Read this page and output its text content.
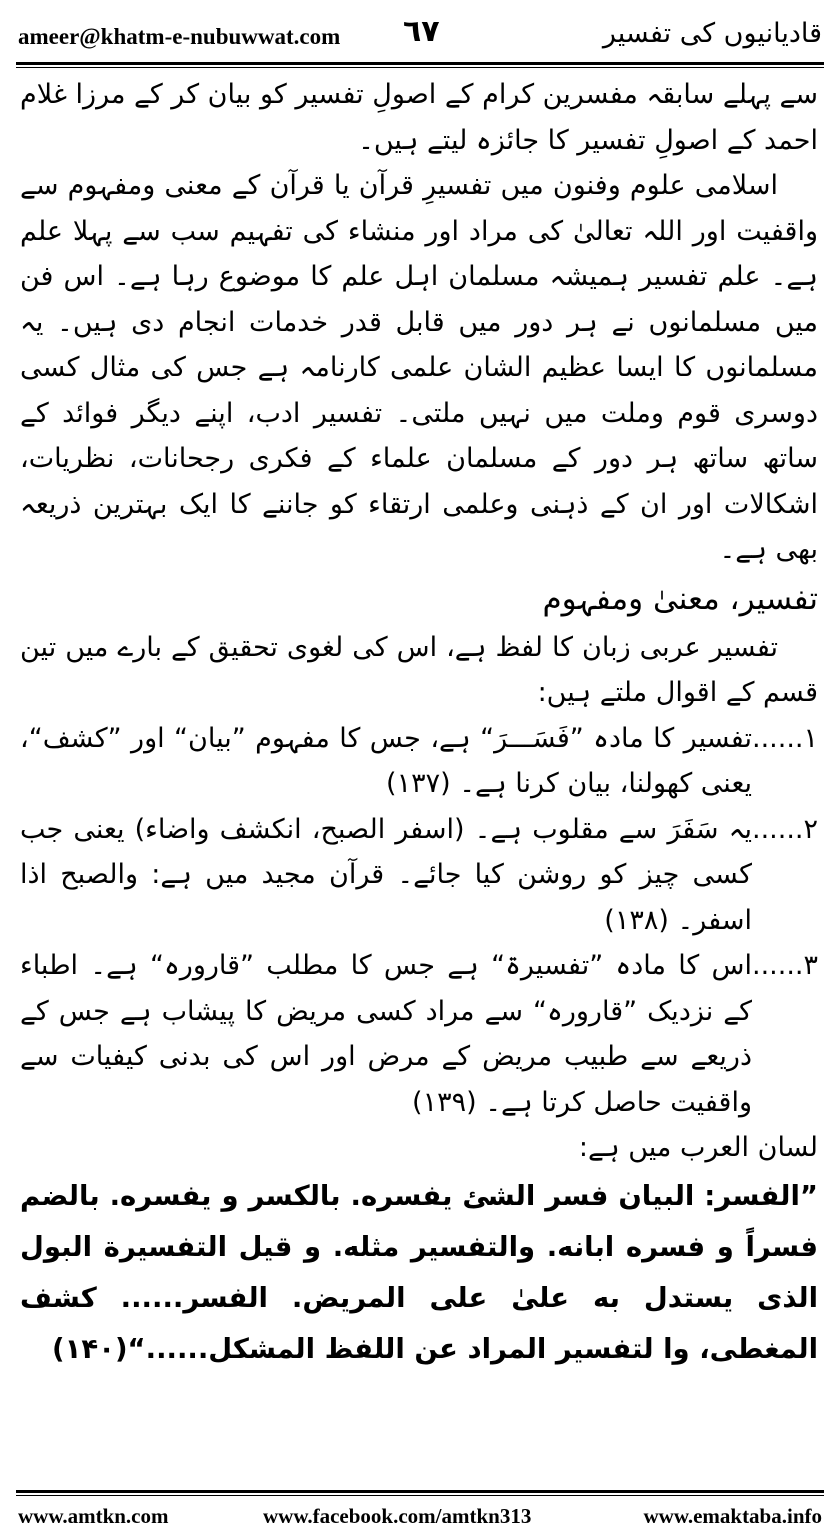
ameer@khatm-e-nubuwwat.com ٦٧	قادیانیوں کی تفسیر

سے پہلے سابقہ مفسرین کرام کے اصولِ تفسیر کو بیان کر کے مرزا غلام احمد کے اصولِ تفسیر کا جائزہ لیتے ہیں۔

اسلامی علوم وفنون میں تفسیرِ قرآن یا قرآن کے معنی ومفہوم سے واقفیت اور اللہ تعالیٰ کی مراد اور منشاء کی تفہیم سب سے پہلا علم ہے۔ علم تفسیر ہمیشہ مسلمان اہل علم کا موضوع رہا ہے۔ اس فن میں مسلمانوں نے ہر دور میں قابل قدر خدمات انجام دی ہیں۔ یہ مسلمانوں کا ایسا عظیم الشان علمی کارنامہ ہے جس کی مثال کسی دوسری قوم وملت میں نہیں ملتی۔ تفسیر ادب، اپنے دیگر فوائد کے ساتھ ساتھ ہر دور کے مسلمان علماء کے فکری رجحانات، نظریات، اشکالات اور ان کے ذہنی وعلمی ارتقاء کو جاننے کا ایک بہترین ذریعہ بھی ہے۔

تفسیر، معنیٰ ومفہوم

تفسیر عربی زبان کا لفظ ہے، اس کی لغوی تحقیق کے بارے میں تین قسم کے اقوال ملتے ہیں:

۱......
تفسیر کا مادہ ”فَسَـــرَ“ ہے، جس کا مفہوم ”بیان“ اور ”کشف“، یعنی کھولنا، بیان کرنا ہے۔ (۱۳۷)
۲......
یہ سَفَرَ سے مقلوب ہے۔ (اسفر الصبح، انکشف واضاء) یعنی جب کسی چیز کو روشن کیا جائے۔ قرآن مجید میں ہے: والصبح اذا اسفر۔ (۱۳۸)
۳......
اس کا مادہ ”تفسیرۃ“ ہے جس کا مطلب ”قارورہ“ ہے۔ اطباء کے نزدیک ”قارورہ“ سے مراد کسی مریض کا پیشاب ہے جس کے ذریعے سے طبیب مریض کے مرض اور اس کی بدنی کیفیات سے واقفیت حاصل کرتا ہے۔ (۱۳۹)

لسان العرب میں ہے:

”الفسر: البيان فسر الشئ يفسره. بالكسر و يفسره. بالضم فسراً و فسره ابانه. والتفسير مثله. و قيل التفسيرة البول الذى يستدل به علىٰ على المريض. الفسر...... كشف المغطى، وا لتفسير المراد عن اللفظ المشكل......“(۱۴۰)

www.amtkn.com	www.facebook.com/amtkn313	www.emaktaba.info
